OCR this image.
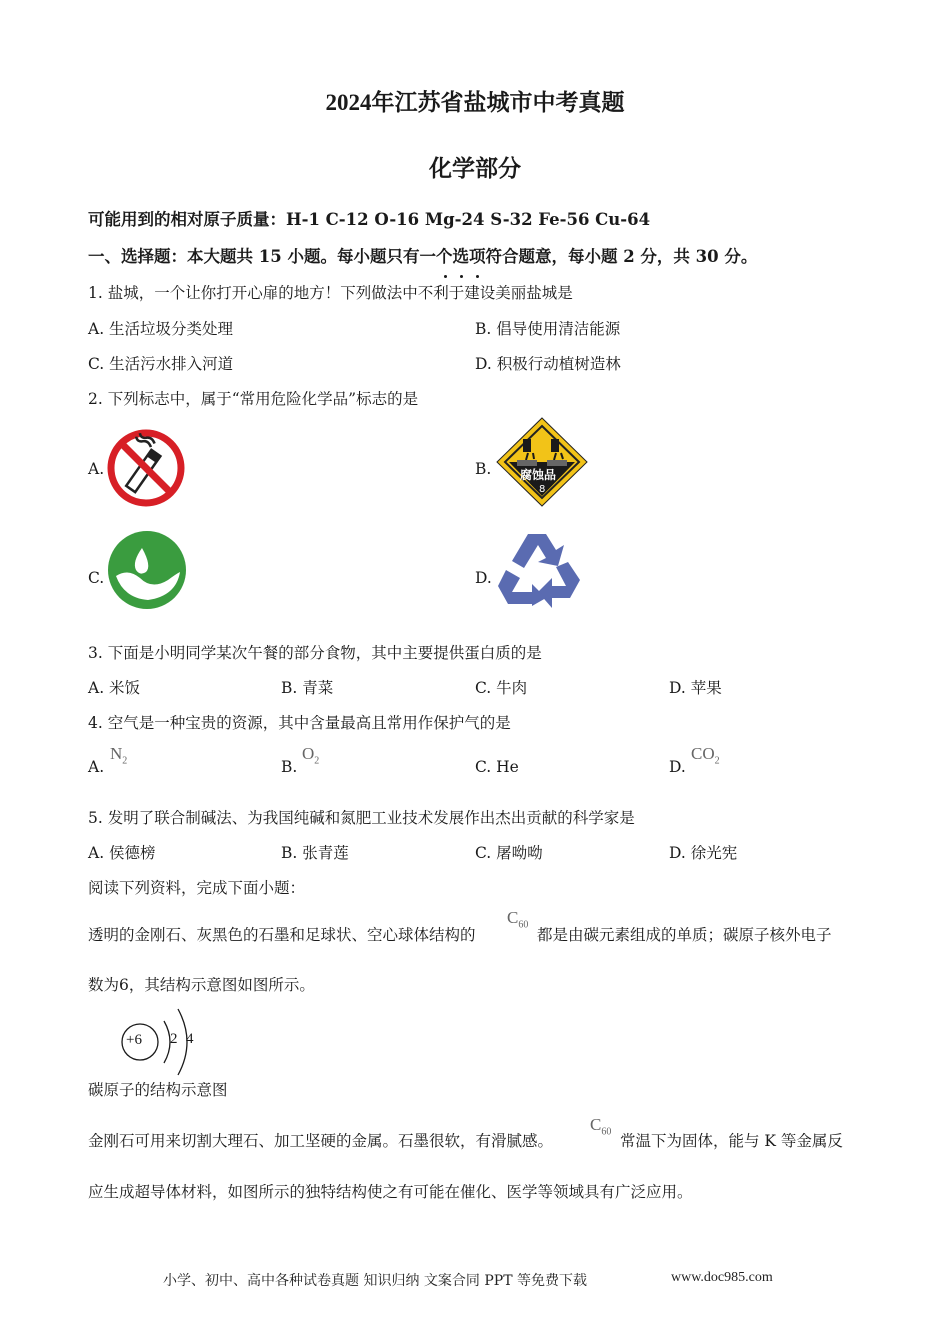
2024年江苏省盐城市中考真题
化学部分
可能用到的相对原子质量：H-1 C-12 O-16 Mg-24 S-32 Fe-56 Cu-64
一、选择题：本大题共 15 小题。每小题只有一个选项符合题意，每小题 2 分，共 30 分。
1. 盐城，一个让你打开心扉的地方！下列做法中不利于建设美丽盐城是
A. 生活垃圾分类处理	B. 倡导使用清洁能源
C. 生活污水排入河道	D. 积极行动植树造林
2. 下列标志中，属于“常用危险化学品”标志的是
A.	B. 腐蚀品
8
C.	D.
3. 下面是小明同学某次午餐的部分食物，其中主要提供蛋白质的是
A. 米饭	B. 青菜	C. 牛肉	D. 苹果
4. 空气是一种宝贵的资源，其中含量最高且常用作保护气的是
A.
$N_2$	B.
$O_2$	C. He	D.
$CO_2$
5. 发明了联合制碱法、为我国纯碱和氮肥工业技术发展作出杰出贡献的科学家是
A. 侯德榜	B. 张青莲	C. 屠呦呦	D. 徐光宪
阅读下列资料，完成下面小题：
透明的金刚石、灰黑色的石墨和足球状、空心球体结构的
$C_{60}$
都是由碳元素组成的单质；碳原子核外电子
数为6，其结构示意图如图所示。
+6 2 4
碳原子的结构示意图
金刚石可用来切割大理石、加工坚硬的金属。石墨很软，有滑腻感。
$C_{60}$
常温下为固体，能与 K 等金属反
应生成超导体材料，如图所示的独特结构使之有可能在催化、医学等领域具有广泛应用。
小学、初中、高中各种试卷真题 知识归纳 文案合同 PPT 等免费下载	www.doc985.com
